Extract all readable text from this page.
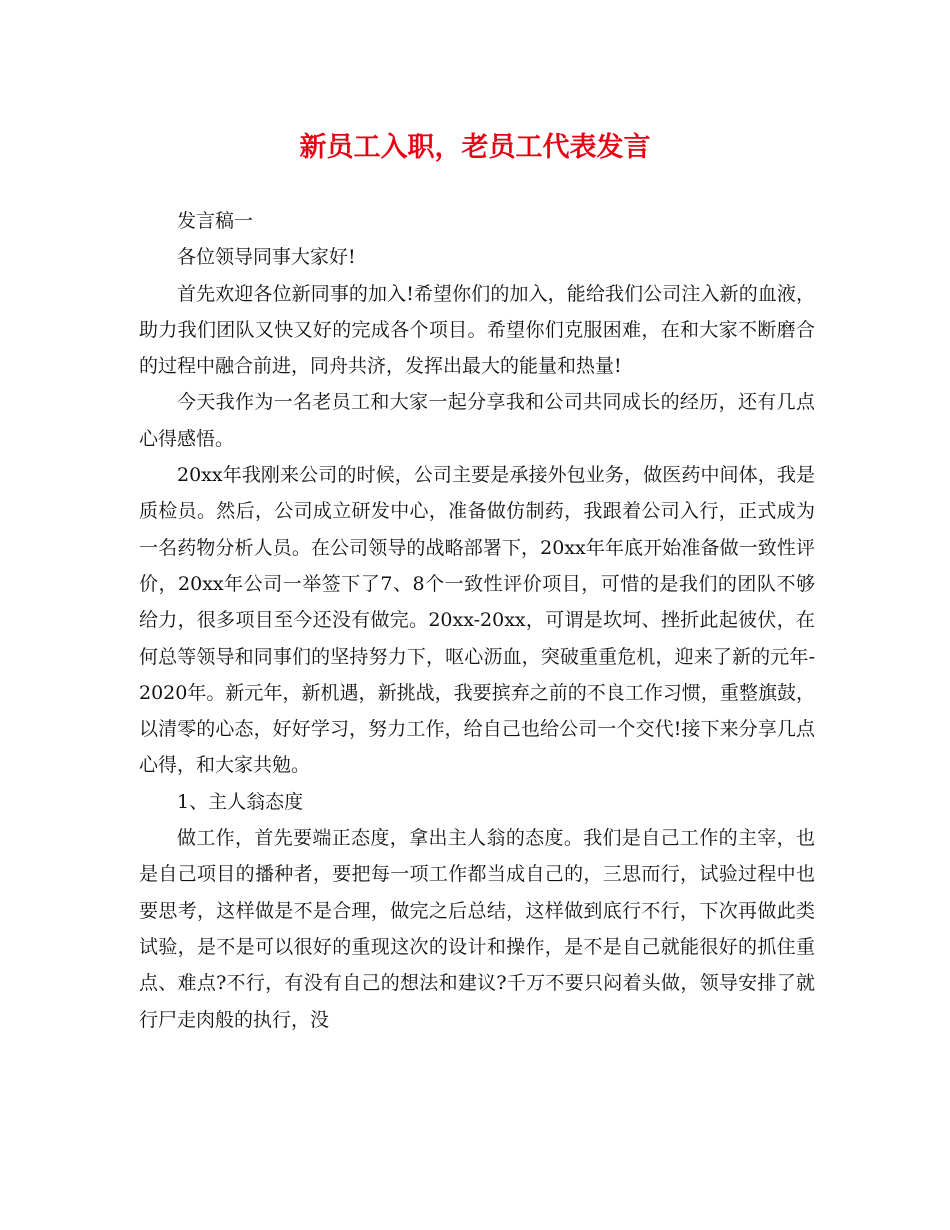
新员工入职，老员工代表发言

发言稿一

各位领导同事大家好!

首先欢迎各位新同事的加入!希望你们的加入，能给我们公司注入新的血液，助力我们团队又快又好的完成各个项目。希望你们克服困难，在和大家不断磨合的过程中融合前进，同舟共济，发挥出最大的能量和热量!

今天我作为一名老员工和大家一起分享我和公司共同成长的经历，还有几点心得感悟。

20xx年我刚来公司的时候，公司主要是承接外包业务，做医药中间体，我是质检员。然后，公司成立研发中心，准备做仿制药，我跟着公司入行，正式成为一名药物分析人员。在公司领导的战略部署下，20xx年年底开始准备做一致性评价，20xx年公司一举签下了7、8个一致性评价项目，可惜的是我们的团队不够给力，很多项目至今还没有做完。20xx-20xx，可谓是坎坷、挫折此起彼伏，在何总等领导和同事们的坚持努力下，呕心沥血，突破重重危机，迎来了新的元年-2020年。新元年，新机遇，新挑战，我要摈弃之前的不良工作习惯，重整旗鼓，以清零的心态，好好学习，努力工作，给自己也给公司一个交代!接下来分享几点心得，和大家共勉。

1、主人翁态度

做工作，首先要端正态度，拿出主人翁的态度。我们是自己工作的主宰，也是自己项目的播种者，要把每一项工作都当成自己的，三思而行，试验过程中也要思考，这样做是不是合理，做完之后总结，这样做到底行不行，下次再做此类试验，是不是可以很好的重现这次的设计和操作，是不是自己就能很好的抓住重点、难点?不行，有没有自己的想法和建议?千万不要只闷着头做，领导安排了就行尸走肉般的执行，没
